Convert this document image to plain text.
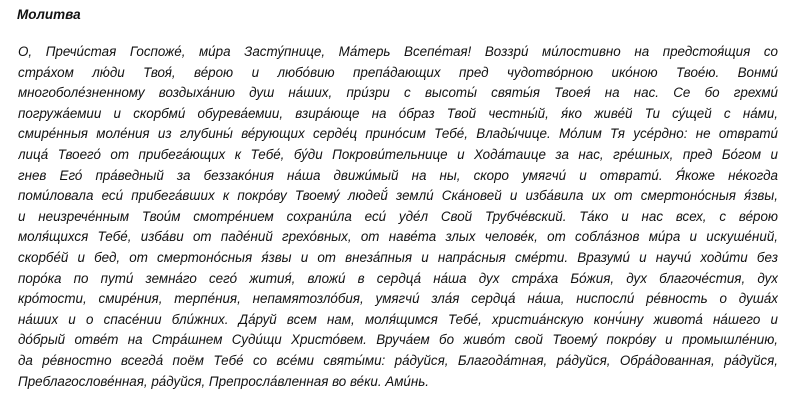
Молитва
О, Пречи́стая Госпоже́, ми́ра Засту́пнице, Ма́терь Всепе́тая! Воззри́ ми́лостивно на предстоя́щия со
стра́хом лю́ди Твоя́, ве́рою и любо́вию препа́дающих пред чудотво́рною ико́ною Твое́ю. Вонми́
многоболе́зненному воздыха́нию душ на́ших, при́зри с высоты́ святы́я Твоея́ на нас. Се бо грехми́
погружа́емии и скорбми́ обурева́емии, взира́юще на о́браз Твой честны́й, я́ко живе́й Ти су́щей с на́ми,
смире́нныя моле́ния из глубины́ ве́рующих серде́ц прино́сим Тебе́, Влады́чице. Мо́лим Тя усе́рдно: не отврати́
лица́ Твоего́ от прибега́ющих к Тебе́, бу́ди Покрови́тельнице и Хода́таице за нас, гре́шных, пред Бо́гом и
гнев Его́ пра́ведный за беззако́ния на́ша движи́мый на ны, скоро умягчи́ и отврати́. Я́коже не́когда
поми́ловала еси́ прибега́вших к покро́ву Твоему́ людей́ земли́ Ска́новей и изба́вила их от смертоно́сныя я́звы,
и неизрече́нным Твои́м смотре́нием сохрани́ла еси́ уде́л Свой Трубче́вский. Та́ко и нас всех, с ве́рою
моля́щихся Тебе́, изба́ви от паде́ний грехо́вных, от наве́та злых челове́к, от собла́знов ми́ра и искуше́ний,
скорбе́й и бед, от смертоно́сныя я́звы и от внеза́пныя и напра́сныя сме́рти. Вразуми́ и научи́ ходи́ти без
поро́ка по пути́ земна́го сего́ жития́, вложи́ в сердца́ на́ша дух стра́ха Бо́жия, дух благоче́стия, дух
кро́тости, смире́ния, терпе́ния, непамятозло́бия, умягчи́ зла́я сердца́ на́ша, ниспосли́ ре́вность о душа́х
на́ших и о спасе́нии бли́жних. Да́руй всем нам, моля́щимся Тебе́, христиа́нскую конч́ину живота́ на́шего и
до́брый отве́т на Стра́шнем Суди́щи Христо́вем. Вруча́ем бо живо́т свой Твоему́ покро́ву и промышле́нию,
да ре́вностно всегда́ поём Тебе́ со все́ми святы́ми: ра́дуйся, Благода́тная, ра́дуйся, Обра́дованная, ра́дуйся,
Преблагослове́нная, ра́дуйся, Препросла́вленная во ве́ки. Ами́нь.
